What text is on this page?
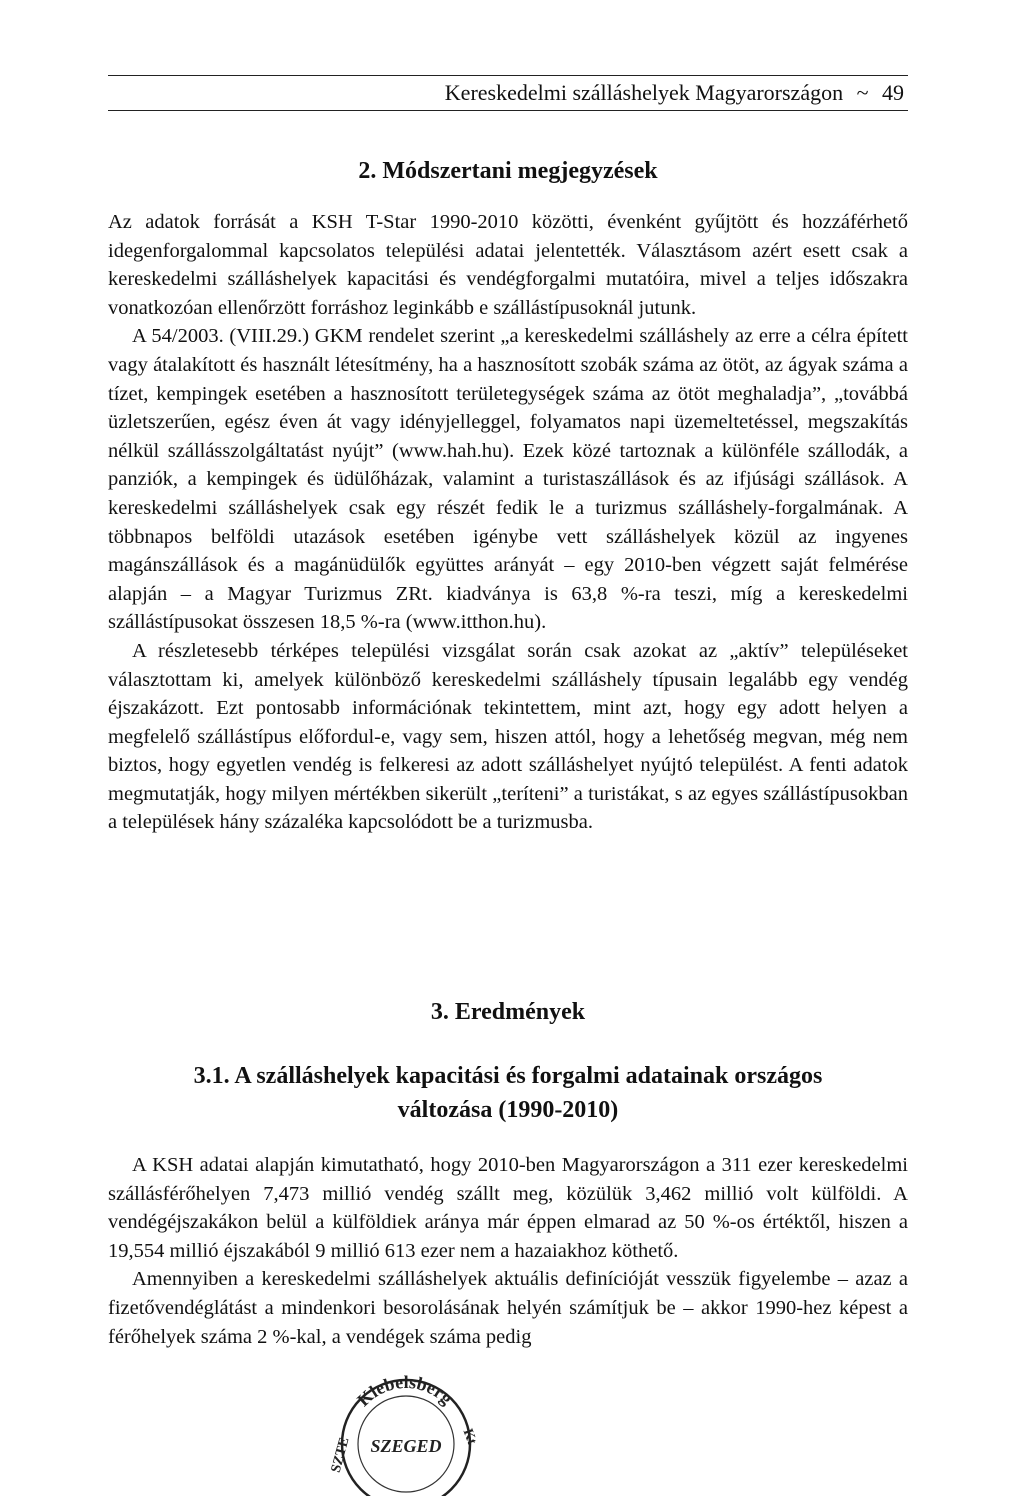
Kereskedelmi szálláshelyek Magyarországon ~ 49
2. Módszertani megjegyzések

Az adatok forrását a KSH T-Star 1990-2010 közötti, évenként gyűjtött és hozzáférhető idegenforgalommal kapcsolatos települési adatai jelentették. Választásom azért esett csak a kereskedelmi szálláshelyek kapacitási és vendégforgalmi mutatóira, mivel a teljes időszakra vonatkozóan ellenőrzött forráshoz leginkább e szállástípusoknál jutunk.

A 54/2003. (VIII.29.) GKM rendelet szerint „a kereskedelmi szálláshely az erre a célra épített vagy átalakított és használt létesítmény, ha a hasznosított szobák száma az ötöt, az ágyak száma a tízet, kempingek esetében a hasznosított területegységek száma az ötöt meghaladja”, „továbbá üzletszerűen, egész éven át vagy idényjelleggel, folyamatos napi üzemeltetéssel, megszakítás nélkül szállásszolgáltatást nyújt” (www.hah.hu). Ezek közé tartoznak a különféle szállodák, a panziók, a kempingek és üdülőházak, valamint a turistaszállások és az ifjúsági szállások. A kereskedelmi szálláshelyek csak egy részét fedik le a turizmus szálláshely-forgalmának. A többnapos belföldi utazások esetében igénybe vett szálláshelyek közül az ingyenes magánszállások és a magánüdülők együttes arányát – egy 2010-ben végzett saját felmérése alapján – a Magyar Turizmus ZRt. kiadványa is 63,8 %-ra teszi, míg a kereskedelmi szállástípusokat összesen 18,5 %-ra (www.itthon.hu).

A részletesebb térképes települési vizsgálat során csak azokat az „aktív” településeket választottam ki, amelyek különböző kereskedelmi szálláshely típusain legalább egy vendég éjszakázott. Ezt pontosabb információnak tekintettem, mint azt, hogy egy adott helyen a megfelelő szállástípus előfordul-e, vagy sem, hiszen attól, hogy a lehetőség megvan, még nem biztos, hogy egyetlen vendég is felkeresi az adott szálláshelyet nyújtó települést. A fenti adatok megmutatják, hogy milyen mértékben sikerült „teríteni” a turistákat, s az egyes szállástípusokban a települések hány százaléka kapcsolódott be a turizmusba.

3. Eredmények
3.1. A szálláshelyek kapacitási és forgalmi adatainak országos
változása (1990-2010)

A KSH adatai alapján kimutatható, hogy 2010-ben Magyarországon a 311 ezer kereskedelmi szállásférőhelyen 7,473 millió vendég szállt meg, közülük 3,462 millió volt külföldi. A vendégéjszakákon belül a külföldiek aránya már éppen elmarad az 50 %-os értéktől, hiszen a 19,554 millió éjszakából 9 millió 613 ezer nem a hazaiakhoz köthető.

Amennyiben a kereskedelmi szálláshelyek aktuális definícióját vesszük figyelembe – azaz a fizetővendéglátást a mindenkori besorolásának helyén számítjuk be – akkor 1990-hez képest a férőhelyek száma 2 %-kal, a vendégek száma pedig

Klebelsberg
SZEGED
SZTE	Kt
